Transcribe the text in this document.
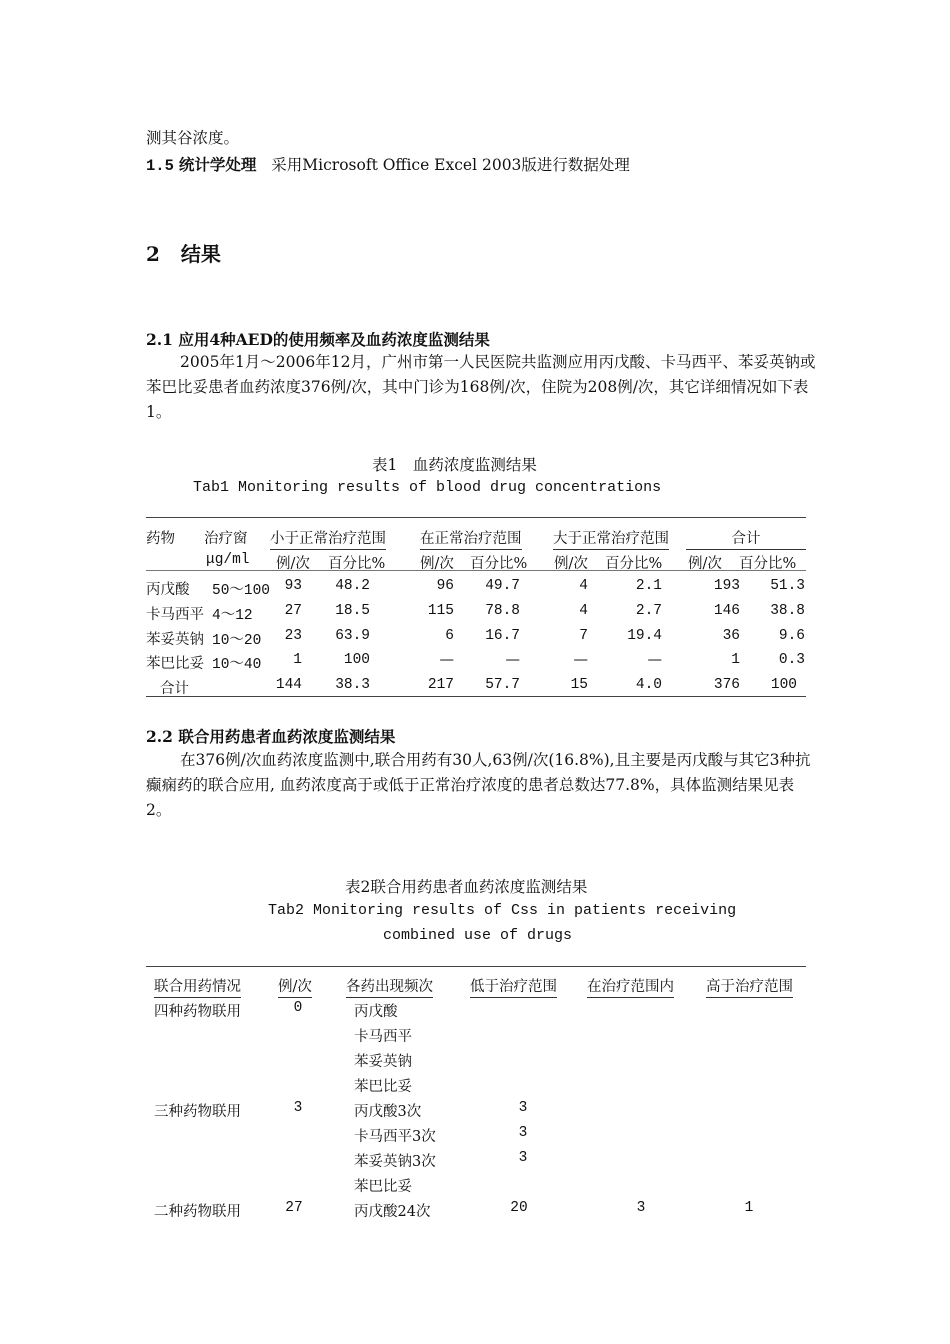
测其谷浓度。
1.5 统计学处理 采用Microsoft Office Excel 2003版进行数据处理
2 结果
2.1 应用4种AED的使用频率及血药浓度监测结果
2005年1月～2006年12月，广州市第一人民医院共监测应用丙戊酸、卡马西平、苯妥英钠或苯巴比妥患者血药浓度376例/次，其中门诊为168例/次，住院为208例/次，其它详细情况如下表1。
表1　血药浓度监测结果
Tab1 Monitoring results of blood drug concentrations
药物 治疗窗 小于正常治疗范围 在正常治疗范围 大于正常治疗范围	合计
μg/ml 例/次 百分比% 例/次 百分比% 例/次 百分比% 例/次 百分比%
丙戊酸 50～100	93	48.2	96	49.7	4	2.1	193	51.3
卡马西平 4～12	27	18.5	115	78.8	4	2.7	146	38.8
苯妥英钠 10～20	23	63.9	6	16.7	7	19.4	36	9.6
苯巴比妥 10～40	1	100	—	—	—	—	1	0.3
合计	144	38.3	217	57.7	15	4.0	376	100
2.2 联合用药患者血药浓度监测结果
在376例/次血药浓度监测中,联合用药有30人,63例/次(16.8%),且主要是丙戊酸与其它3种抗癫痫药的联合应用, 血药浓度高于或低于正常治疗浓度的患者总数达77.8%，具体监测结果见表2。
表2联合用药患者血药浓度监测结果
Tab2 Monitoring results of Css in patients receiving
combined use of drugs
联合用药情况	例/次 各药出现频次	低于治疗范围 在治疗范围内 高于治疗范围
四种药物联用	0	丙戊酸
卡马西平
苯妥英钠
苯巴比妥
三种药物联用	3	丙戊酸3次	3
卡马西平3次	3
苯妥英钠3次	3
苯巴比妥
二种药物联用	27	丙戊酸24次	20	3	1
